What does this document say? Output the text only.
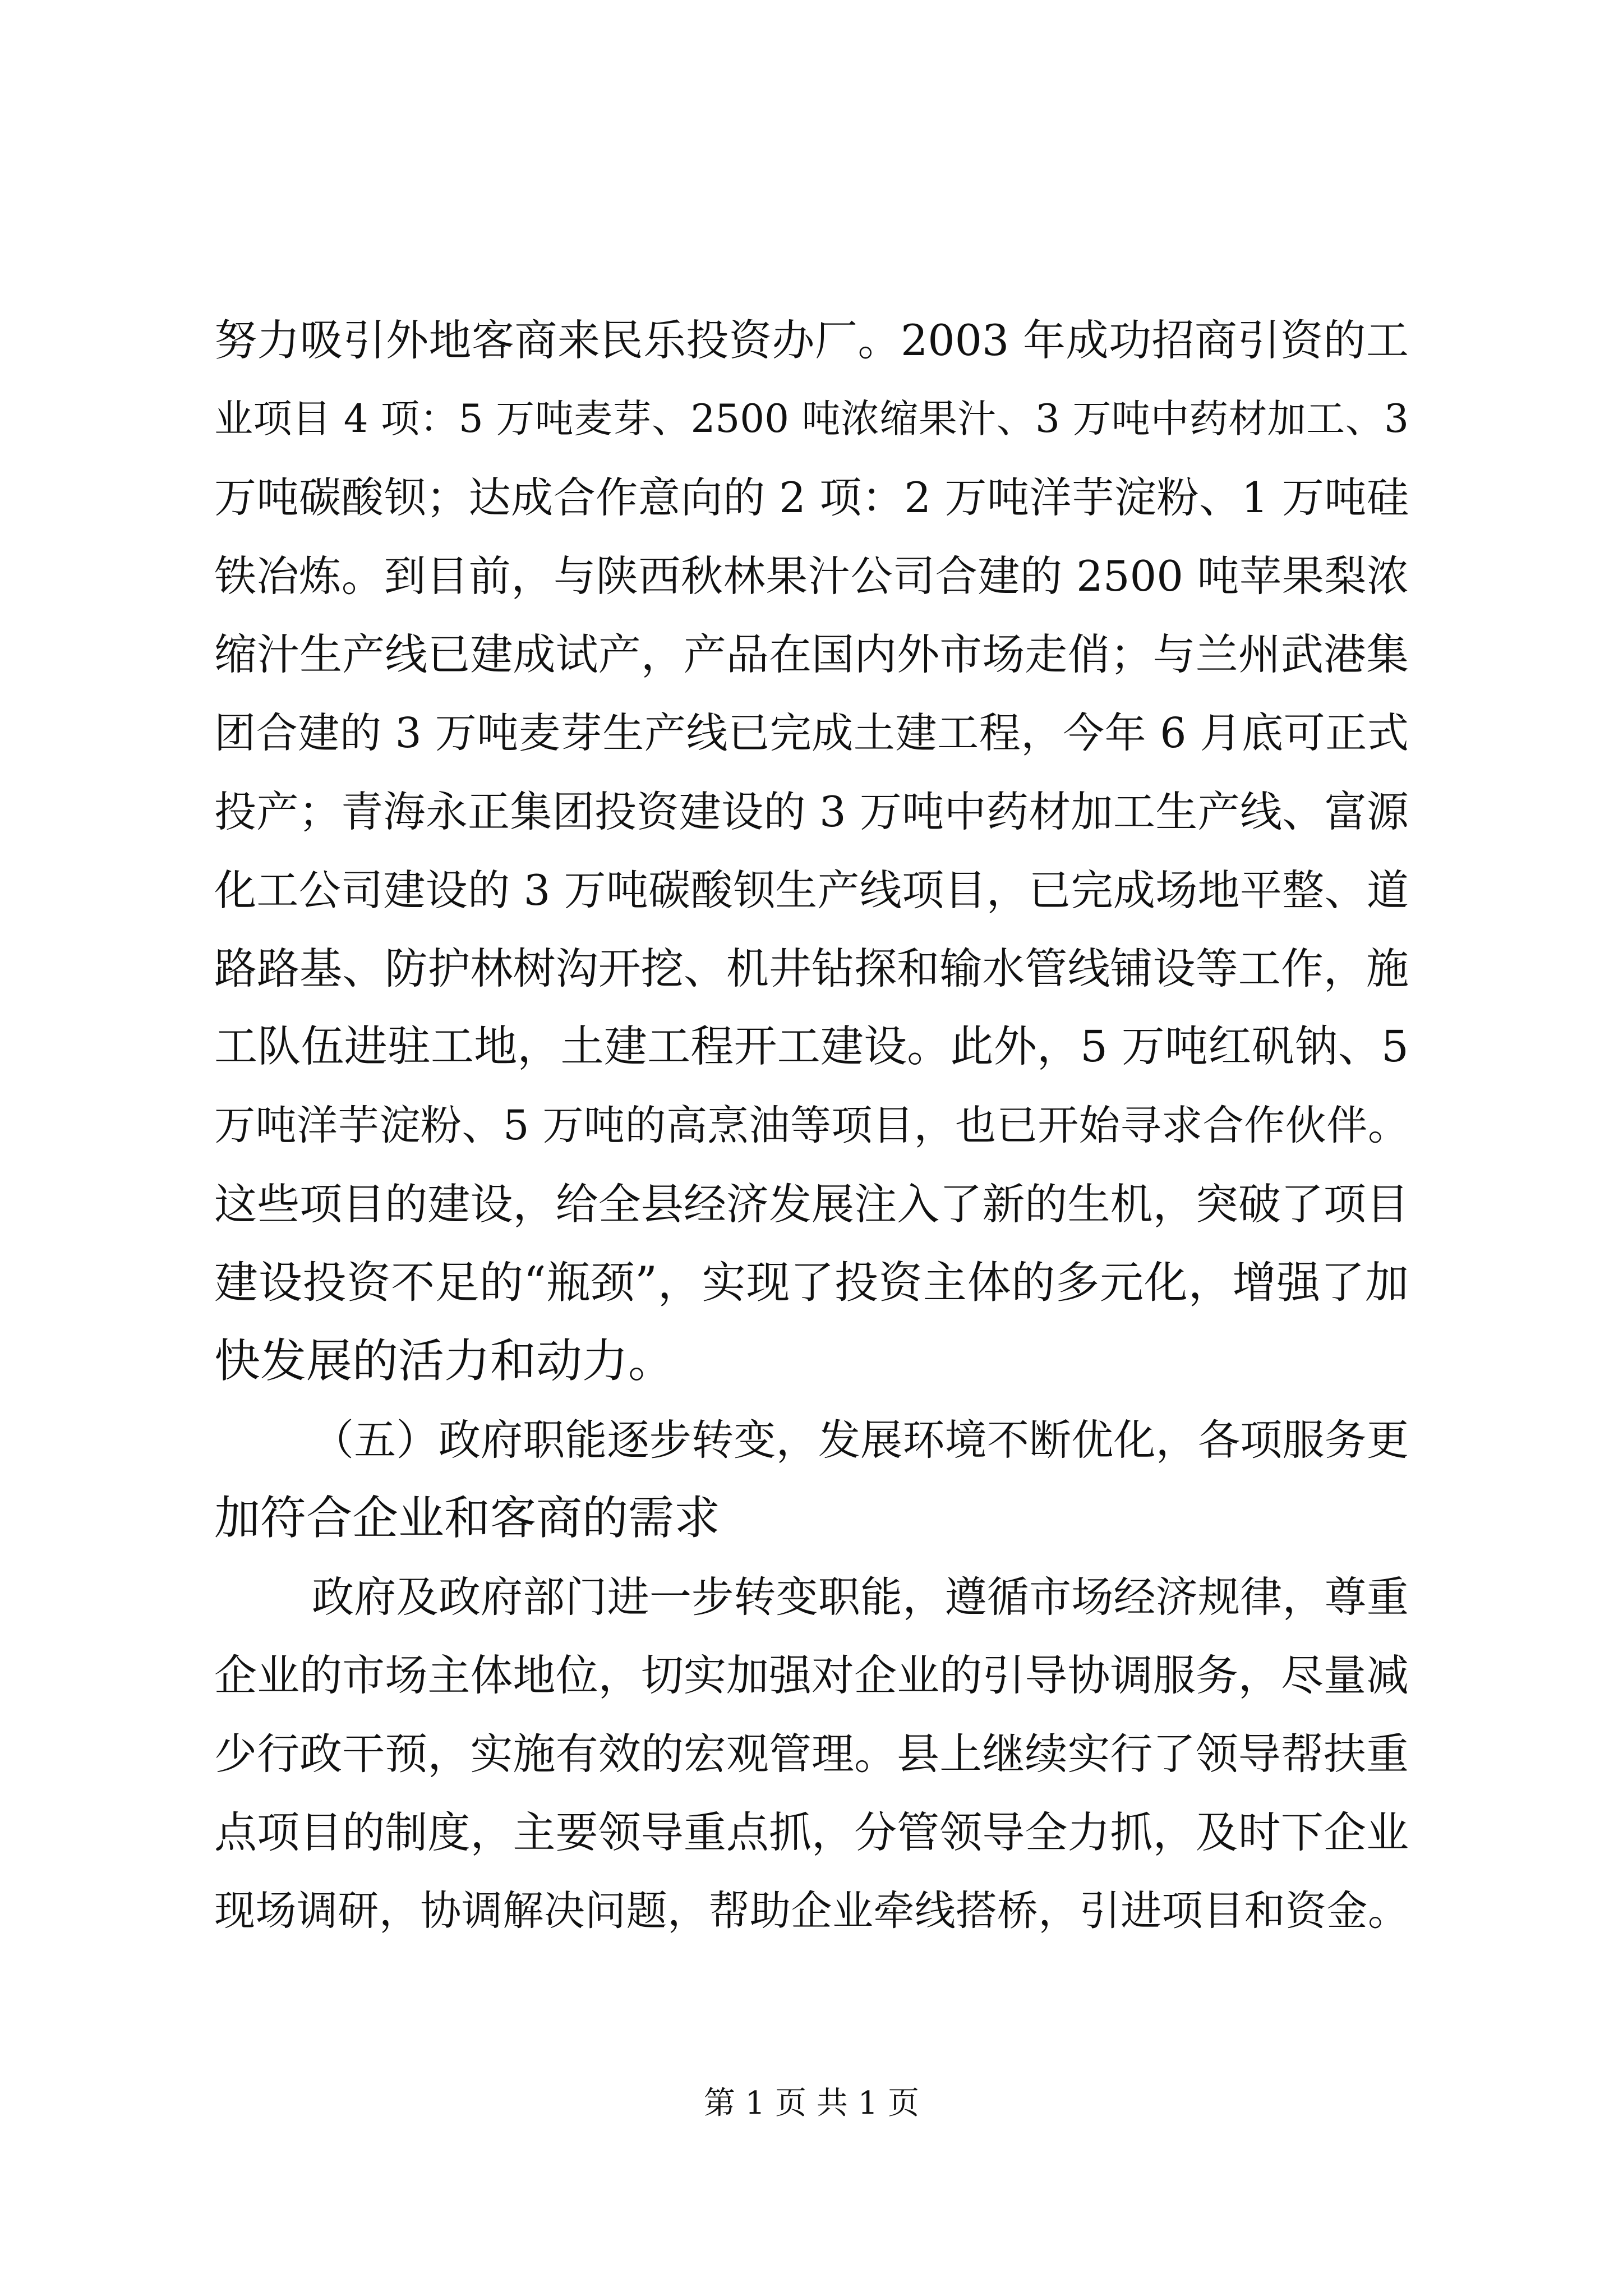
努力吸引外地客商来民乐投资办厂。2003 年成功招商引资的工
业项目 4 项：5 万吨麦芽、2500 吨浓缩果汁、3 万吨中药材加工、3
万吨碳酸钡；达成合作意向的 2 项：2 万吨洋芋淀粉、1 万吨硅
铁冶炼。到目前，与陕西秋林果汁公司合建的 2500 吨苹果梨浓
缩汁生产线已建成试产，产品在国内外市场走俏；与兰州武港集
团合建的 3 万吨麦芽生产线已完成土建工程，今年 6 月底可正式
投产；青海永正集团投资建设的 3 万吨中药材加工生产线、富源
化工公司建设的 3 万吨碳酸钡生产线项目，已完成场地平整、道
路路基、防护林树沟开挖、机井钻探和输水管线铺设等工作，施
工队伍进驻工地，土建工程开工建设。此外，5 万吨红矾钠、5
万吨洋芋淀粉、5 万吨的高烹油等项目，也已开始寻求合作伙伴。
这些项目的建设，给全县经济发展注入了新的生机，突破了项目
建设投资不足的“瓶颈”，实现了投资主体的多元化，增强了加
快发展的活力和动力。
（五）政府职能逐步转变，发展环境不断优化，各项服务更
加符合企业和客商的需求
政府及政府部门进一步转变职能，遵循市场经济规律，尊重
企业的市场主体地位，切实加强对企业的引导协调服务，尽量减
少行政干预，实施有效的宏观管理。县上继续实行了领导帮扶重
点项目的制度，主要领导重点抓，分管领导全力抓，及时下企业
现场调研，协调解决问题，帮助企业牵线搭桥，引进项目和资金。
第 1 页 共 1 页
